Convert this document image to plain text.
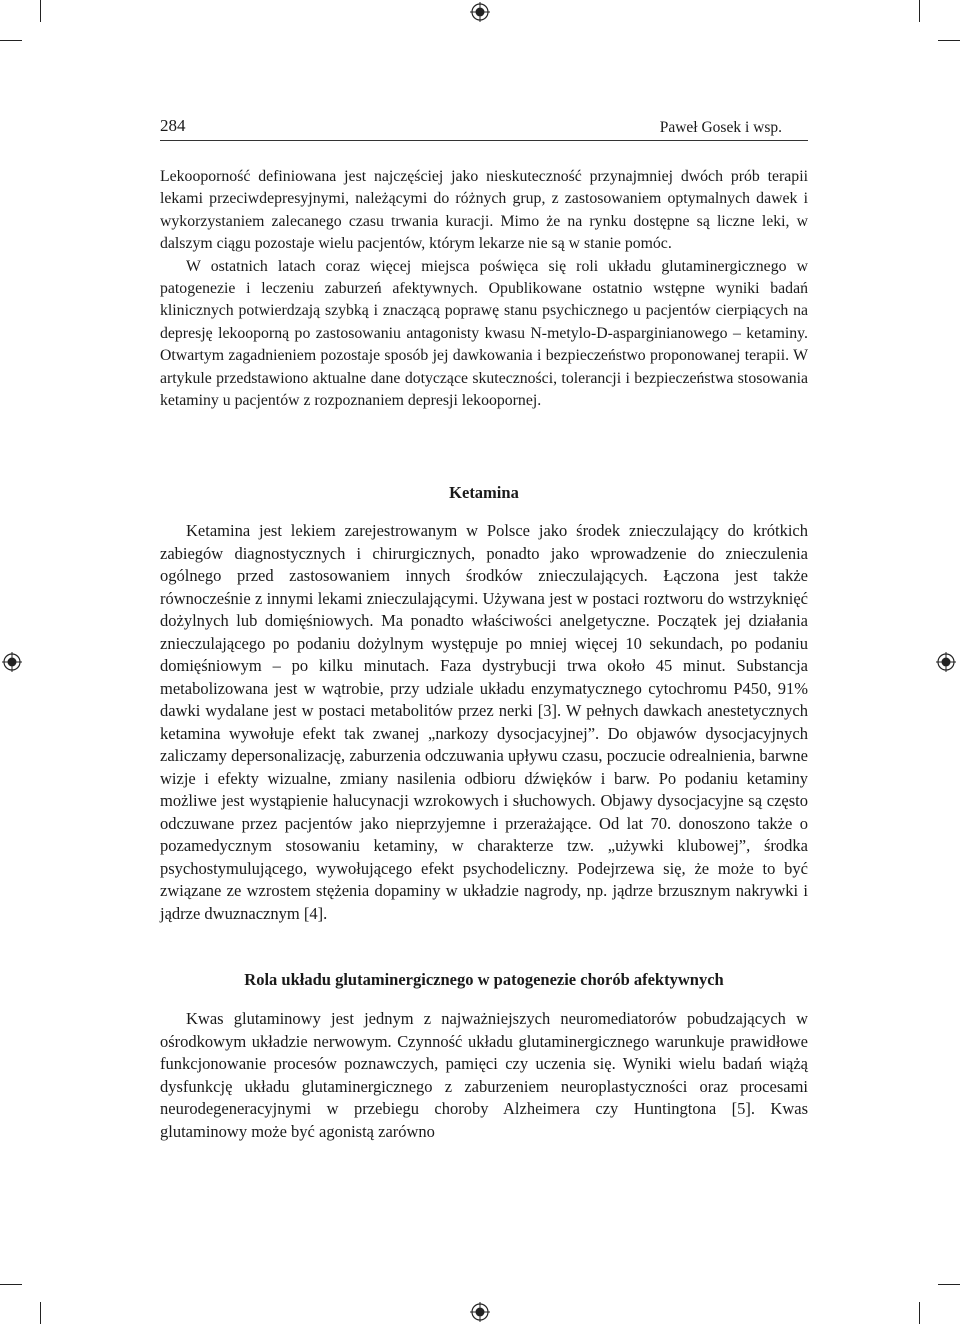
284	Paweł Gosek i wsp.

Lekooporność definiowana jest najczęściej jako nieskuteczność przynajmniej dwóch prób terapii lekami przeciwdepresyjnymi, należącymi do różnych grup, z zastosowaniem optymalnych dawek i wykorzystaniem zalecanego czasu trwania kuracji. Mimo że na rynku dostępne są liczne leki, w dalszym ciągu pozostaje wielu pacjentów, którym lekarze nie są w stanie pomóc.

W ostatnich latach coraz więcej miejsca poświęca się roli układu glutaminergicznego w patogenezie i leczeniu zaburzeń afektywnych. Opublikowane ostatnio wstępne wyniki badań klinicznych potwierdzają szybką i znaczącą poprawę stanu psychicznego u pacjentów cierpiących na depresję lekooporną po zastosowaniu antagonisty kwasu N-metylo-D-asparginianowego – ketaminy. Otwartym zagadnieniem pozostaje sposób jej dawkowania i bezpieczeństwo proponowanej terapii. W artykule przedstawiono aktualne dane dotyczące skuteczności, tolerancji i bezpieczeństwa stosowania ketaminy u pacjentów z rozpoznaniem depresji lekoopornej.

Ketamina

Ketamina jest lekiem zarejestrowanym w Polsce jako środek znieczulający do krótkich zabiegów diagnostycznych i chirurgicznych, ponadto jako wprowadzenie do znieczulenia ogólnego przed zastosowaniem innych środków znieczulających. Łączona jest także równocześnie z innymi lekami znieczulającymi. Używana jest w postaci roztworu do wstrzyknięć dożylnych lub domięśniowych. Ma ponadto właściwości anelgetyczne. Początek jej działania znieczulającego po podaniu dożylnym występuje po mniej więcej 10 sekundach, po podaniu domięśniowym – po kilku minutach. Faza dystrybucji trwa około 45 minut. Substancja metabolizowana jest w wątrobie, przy udziale układu enzymatycznego cytochromu P450, 91% dawki wydalane jest w postaci metabolitów przez nerki [3]. W pełnych dawkach anestetycznych ketamina wywołuje efekt tak zwanej „narkozy dysocjacyjnej”. Do objawów dysocjacyjnych zaliczamy depersonalizację, zaburzenia odczuwania upływu czasu, poczucie odrealnienia, barwne wizje i efekty wizualne, zmiany nasilenia odbioru dźwięków i barw. Po podaniu ketaminy możliwe jest wystąpienie halucynacji wzrokowych i słuchowych. Objawy dysocjacyjne są często odczuwane przez pacjentów jako nieprzyjemne i przerażające. Od lat 70. donoszono także o pozamedycznym stosowaniu ketaminy, w charakterze tzw. „używki klubowej”, środka psychostymulującego, wywołującego efekt psychodeliczny. Podejrzewa się, że może to być związane ze wzrostem stężenia dopaminy w układzie nagrody, np. jądrze brzusznym nakrywki i jądrze dwuznacznym [4].

Rola układu glutaminergicznego w patogenezie chorób afektywnych

Kwas glutaminowy jest jednym z najważniejszych neuromediatorów pobudzających w ośrodkowym układzie nerwowym. Czynność układu glutaminergicznego warunkuje prawidłowe funkcjonowanie procesów poznawczych, pamięci czy uczenia się. Wyniki wielu badań wiążą dysfunkcję układu glutaminergicznego z zaburzeniem neuroplastyczności oraz procesami neurodegeneracyjnymi w przebiegu choroby Alzheimera czy Huntingtona [5]. Kwas glutaminowy może być agonistą zarówno
